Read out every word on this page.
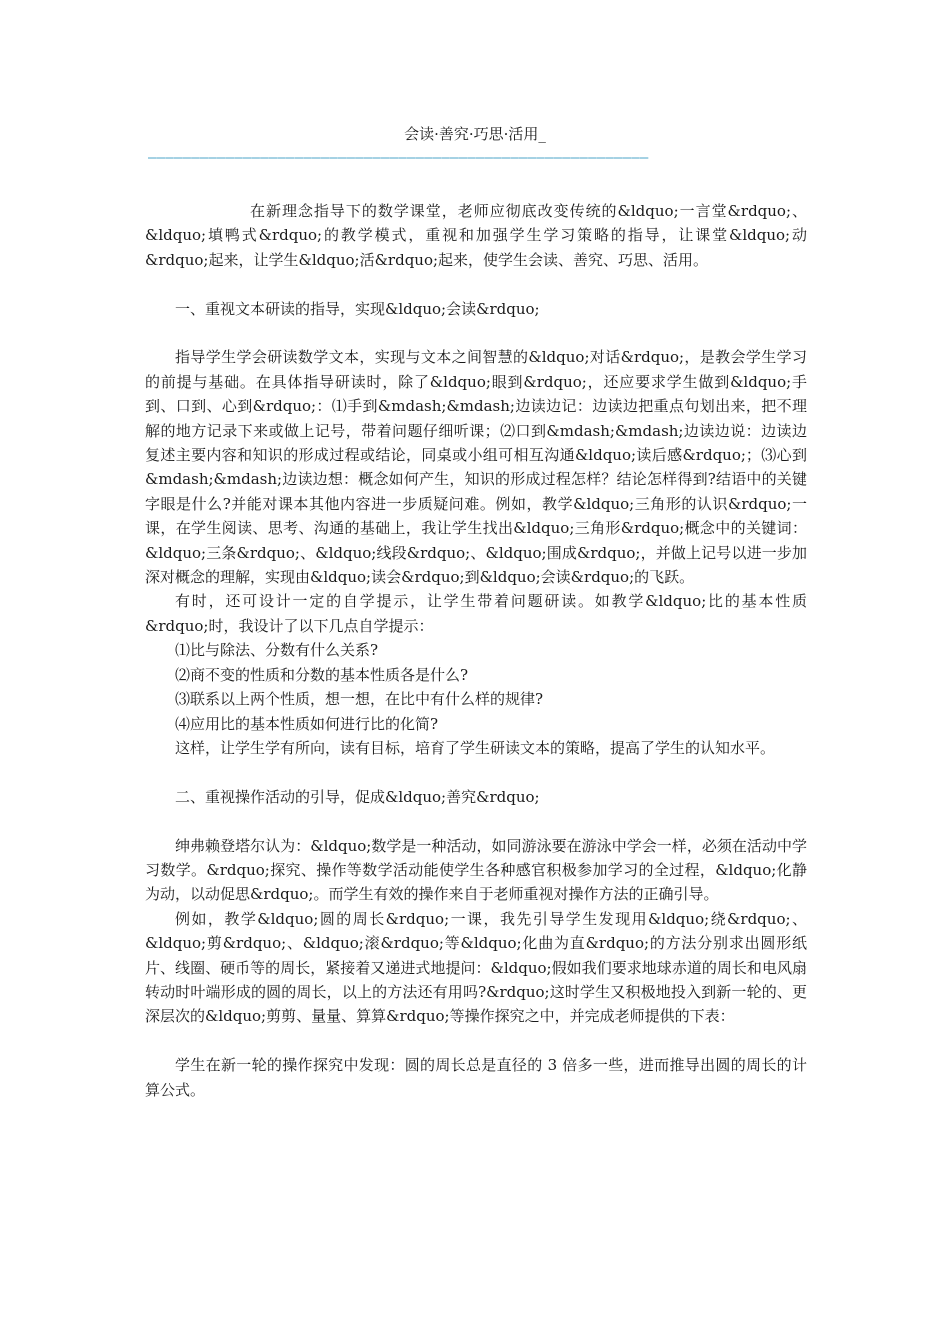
会读·善究·巧思·活用_
——————————————————————————————————————————————————————————

在新理念指导下的数学课堂，老师应彻底改变传统的&ldquo;一言堂&rdquo;、&ldquo;填鸭式&rdquo;的教学模式，重视和加强学生学习策略的指导，让课堂&ldquo;动&rdquo;起来，让学生&ldquo;活&rdquo;起来，使学生会读、善究、巧思、活用。

一、重视文本研读的指导，实现&ldquo;会读&rdquo;

指导学生学会研读数学文本，实现与文本之间智慧的&ldquo;对话&rdquo;，是教会学生学习的前提与基础。在具体指导研读时，除了&ldquo;眼到&rdquo;，还应要求学生做到&ldquo;手到、口到、心到&rdquo;：⑴手到&mdash;&mdash;边读边记：边读边把重点句划出来，把不理解的地方记录下来或做上记号，带着问题仔细听课；⑵口到&mdash;&mdash;边读边说：边读边复述主要内容和知识的形成过程或结论，同桌或小组可相互沟通&ldquo;读后感&rdquo;；⑶心到&mdash;&mdash;边读边想：概念如何产生，知识的形成过程怎样？结论怎样得到?结语中的关键字眼是什么?并能对课本其他内容进一步质疑问难。例如，教学&ldquo;三角形的认识&rdquo;一课，在学生阅读、思考、沟通的基础上，我让学生找出&ldquo;三角形&rdquo;概念中的关键词：&ldquo;三条&rdquo;、&ldquo;线段&rdquo;、&ldquo;围成&rdquo;，并做上记号以进一步加深对概念的理解，实现由&ldquo;读会&rdquo;到&ldquo;会读&rdquo;的飞跃。

有时，还可设计一定的自学提示，让学生带着问题研读。如教学&ldquo;比的基本性质&rdquo;时，我设计了以下几点自学提示：

⑴比与除法、分数有什么关系?

⑵商不变的性质和分数的基本性质各是什么?

⑶联系以上两个性质，想一想，在比中有什么样的规律?

⑷应用比的基本性质如何进行比的化简?

这样，让学生学有所向，读有目标，培育了学生研读文本的策略，提高了学生的认知水平。

二、重视操作活动的引导，促成&ldquo;善究&rdquo;

绅弗赖登塔尔认为：&ldquo;数学是一种活动，如同游泳要在游泳中学会一样，必须在活动中学习数学。&rdquo;探究、操作等数学活动能使学生各种感官积极参加学习的全过程，&ldquo;化静为动，以动促思&rdquo;。而学生有效的操作来自于老师重视对操作方法的正确引导。

例如，教学&ldquo;圆的周长&rdquo;一课，我先引导学生发现用&ldquo;绕&rdquo;、&ldquo;剪&rdquo;、&ldquo;滚&rdquo;等&ldquo;化曲为直&rdquo;的方法分别求出圆形纸片、线圈、硬币等的周长，紧接着又递进式地提问：&ldquo;假如我们要求地球赤道的周长和电风扇转动时叶端形成的圆的周长，以上的方法还有用吗?&rdquo;这时学生又积极地投入到新一轮的、更深层次的&ldquo;剪剪、量量、算算&rdquo;等操作探究之中，并完成老师提供的下表：

学生在新一轮的操作探究中发现：圆的周长总是直径的 3 倍多一些，进而推导出圆的周长的计算公式。
